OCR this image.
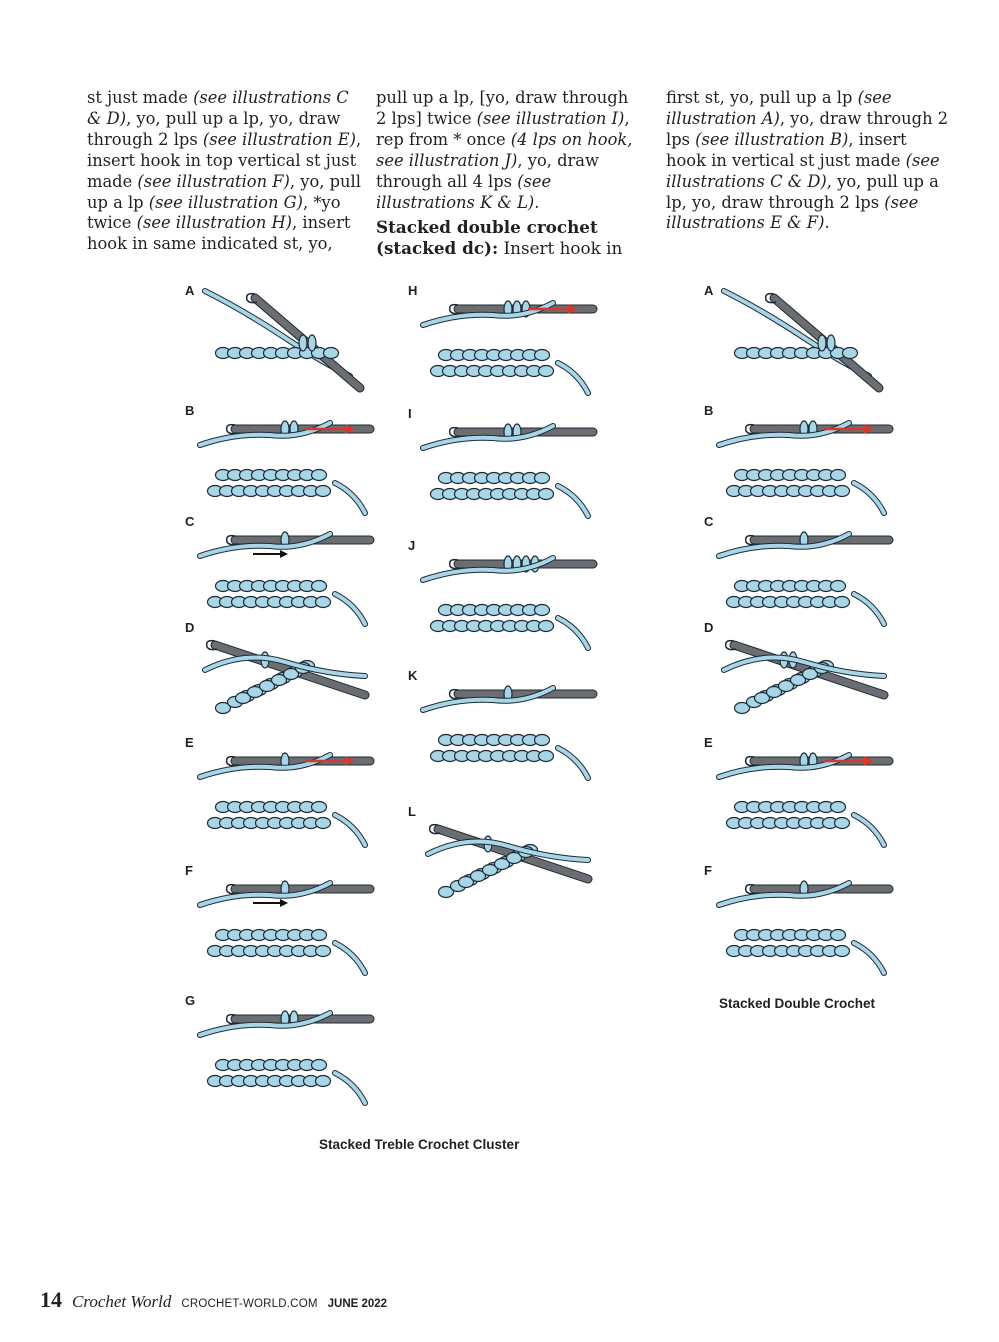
st just made (see illustrations C & D), yo, pull up a lp, yo, draw through 2 lps (see illustration E), insert hook in top vertical st just made (see illustration F), yo, pull up a lp (see illustration G), *yo twice (see illustration H), insert hook in same indicated st, yo,

pull up a lp, [yo, draw through 2 lps] twice (see illustration I), rep from * once (4 lps on hook, see illustration J), yo, draw through all 4 lps (see illustrations K & L).

Stacked double crochet (stacked dc): Insert hook in

first st, yo, pull up a lp (see illustration A), yo, draw through 2 lps (see illustration B), insert hook in vertical st just made (see illustrations C & D), yo, pull up a lp, yo, draw through 2 lps (see illustrations E & F).

A
B
C
D
E
F
G
H
I
J
K
L
Stacked Treble Crochet Cluster
A
B
C
D
E
F
Stacked Double Crochet
14 Crochet World CROCHET-WORLD.COM JUNE 2022
